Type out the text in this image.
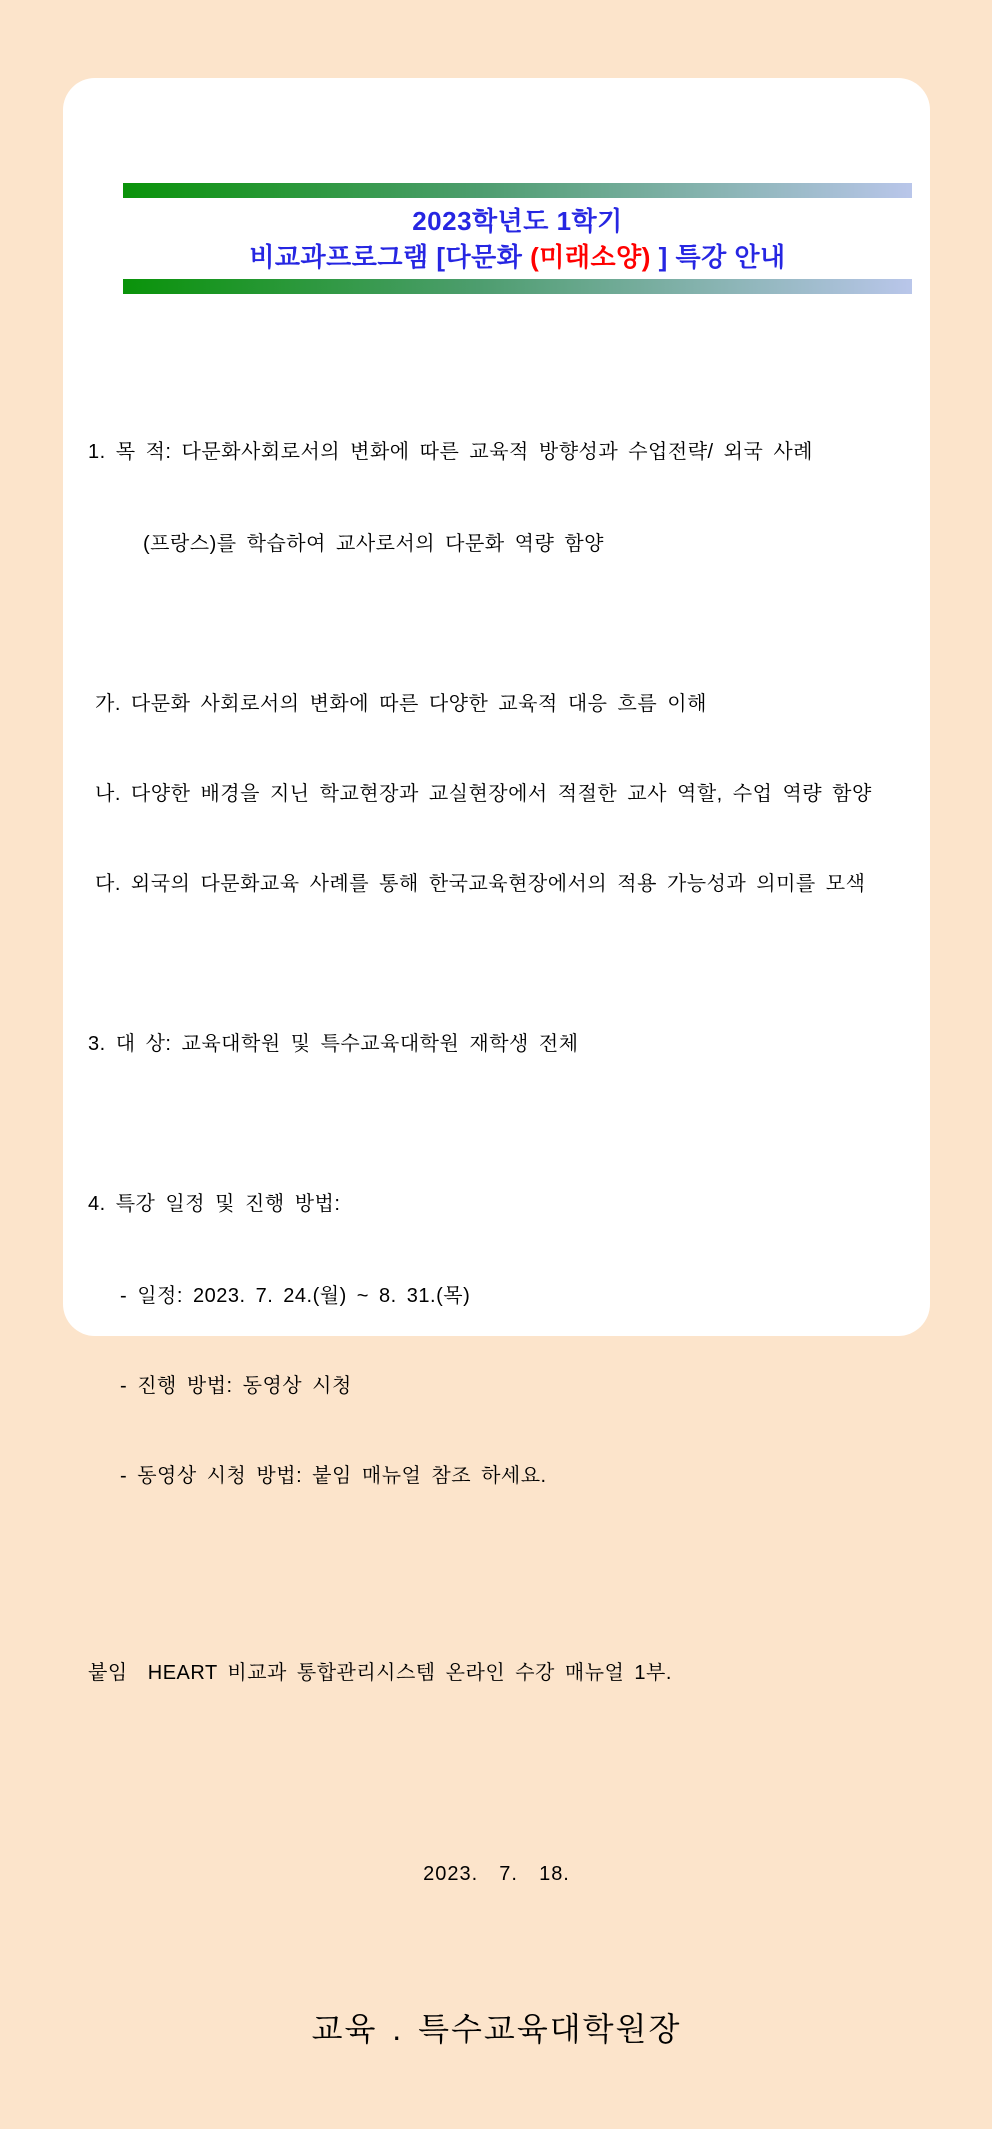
2023학년도 1학기
비교과프로그램 [다문화 (미래소양) ] 특강 안내

1. 목 적: 다문화사회로서의 변화에 따른 교육적 방향성과 수업전략/ 외국 사례

(프랑스)를 학습하여 교사로서의 다문화 역량 함양

가. 다문화 사회로서의 변화에 따른 다양한 교육적 대응 흐름 이해

나. 다양한 배경을 지닌 학교현장과 교실현장에서 적절한 교사 역할, 수업 역량 함양

다. 외국의 다문화교육 사례를 통해 한국교육현장에서의 적용 가능성과 의미를 모색

3. 대 상: 교육대학원 및 특수교육대학원 재학생 전체

4. 특강 일정 및 진행 방법:

- 일정: 2023. 7. 24.(월) ~ 8. 31.(목)

- 진행 방법: 동영상 시청

- 동영상 시청 방법: 붙임 매뉴얼 참조 하세요.

붙임  HEART 비교과 통합관리시스템 온라인 수강 매뉴얼 1부.

2023.  7.  18.

교육 . 특수교육대학원장
